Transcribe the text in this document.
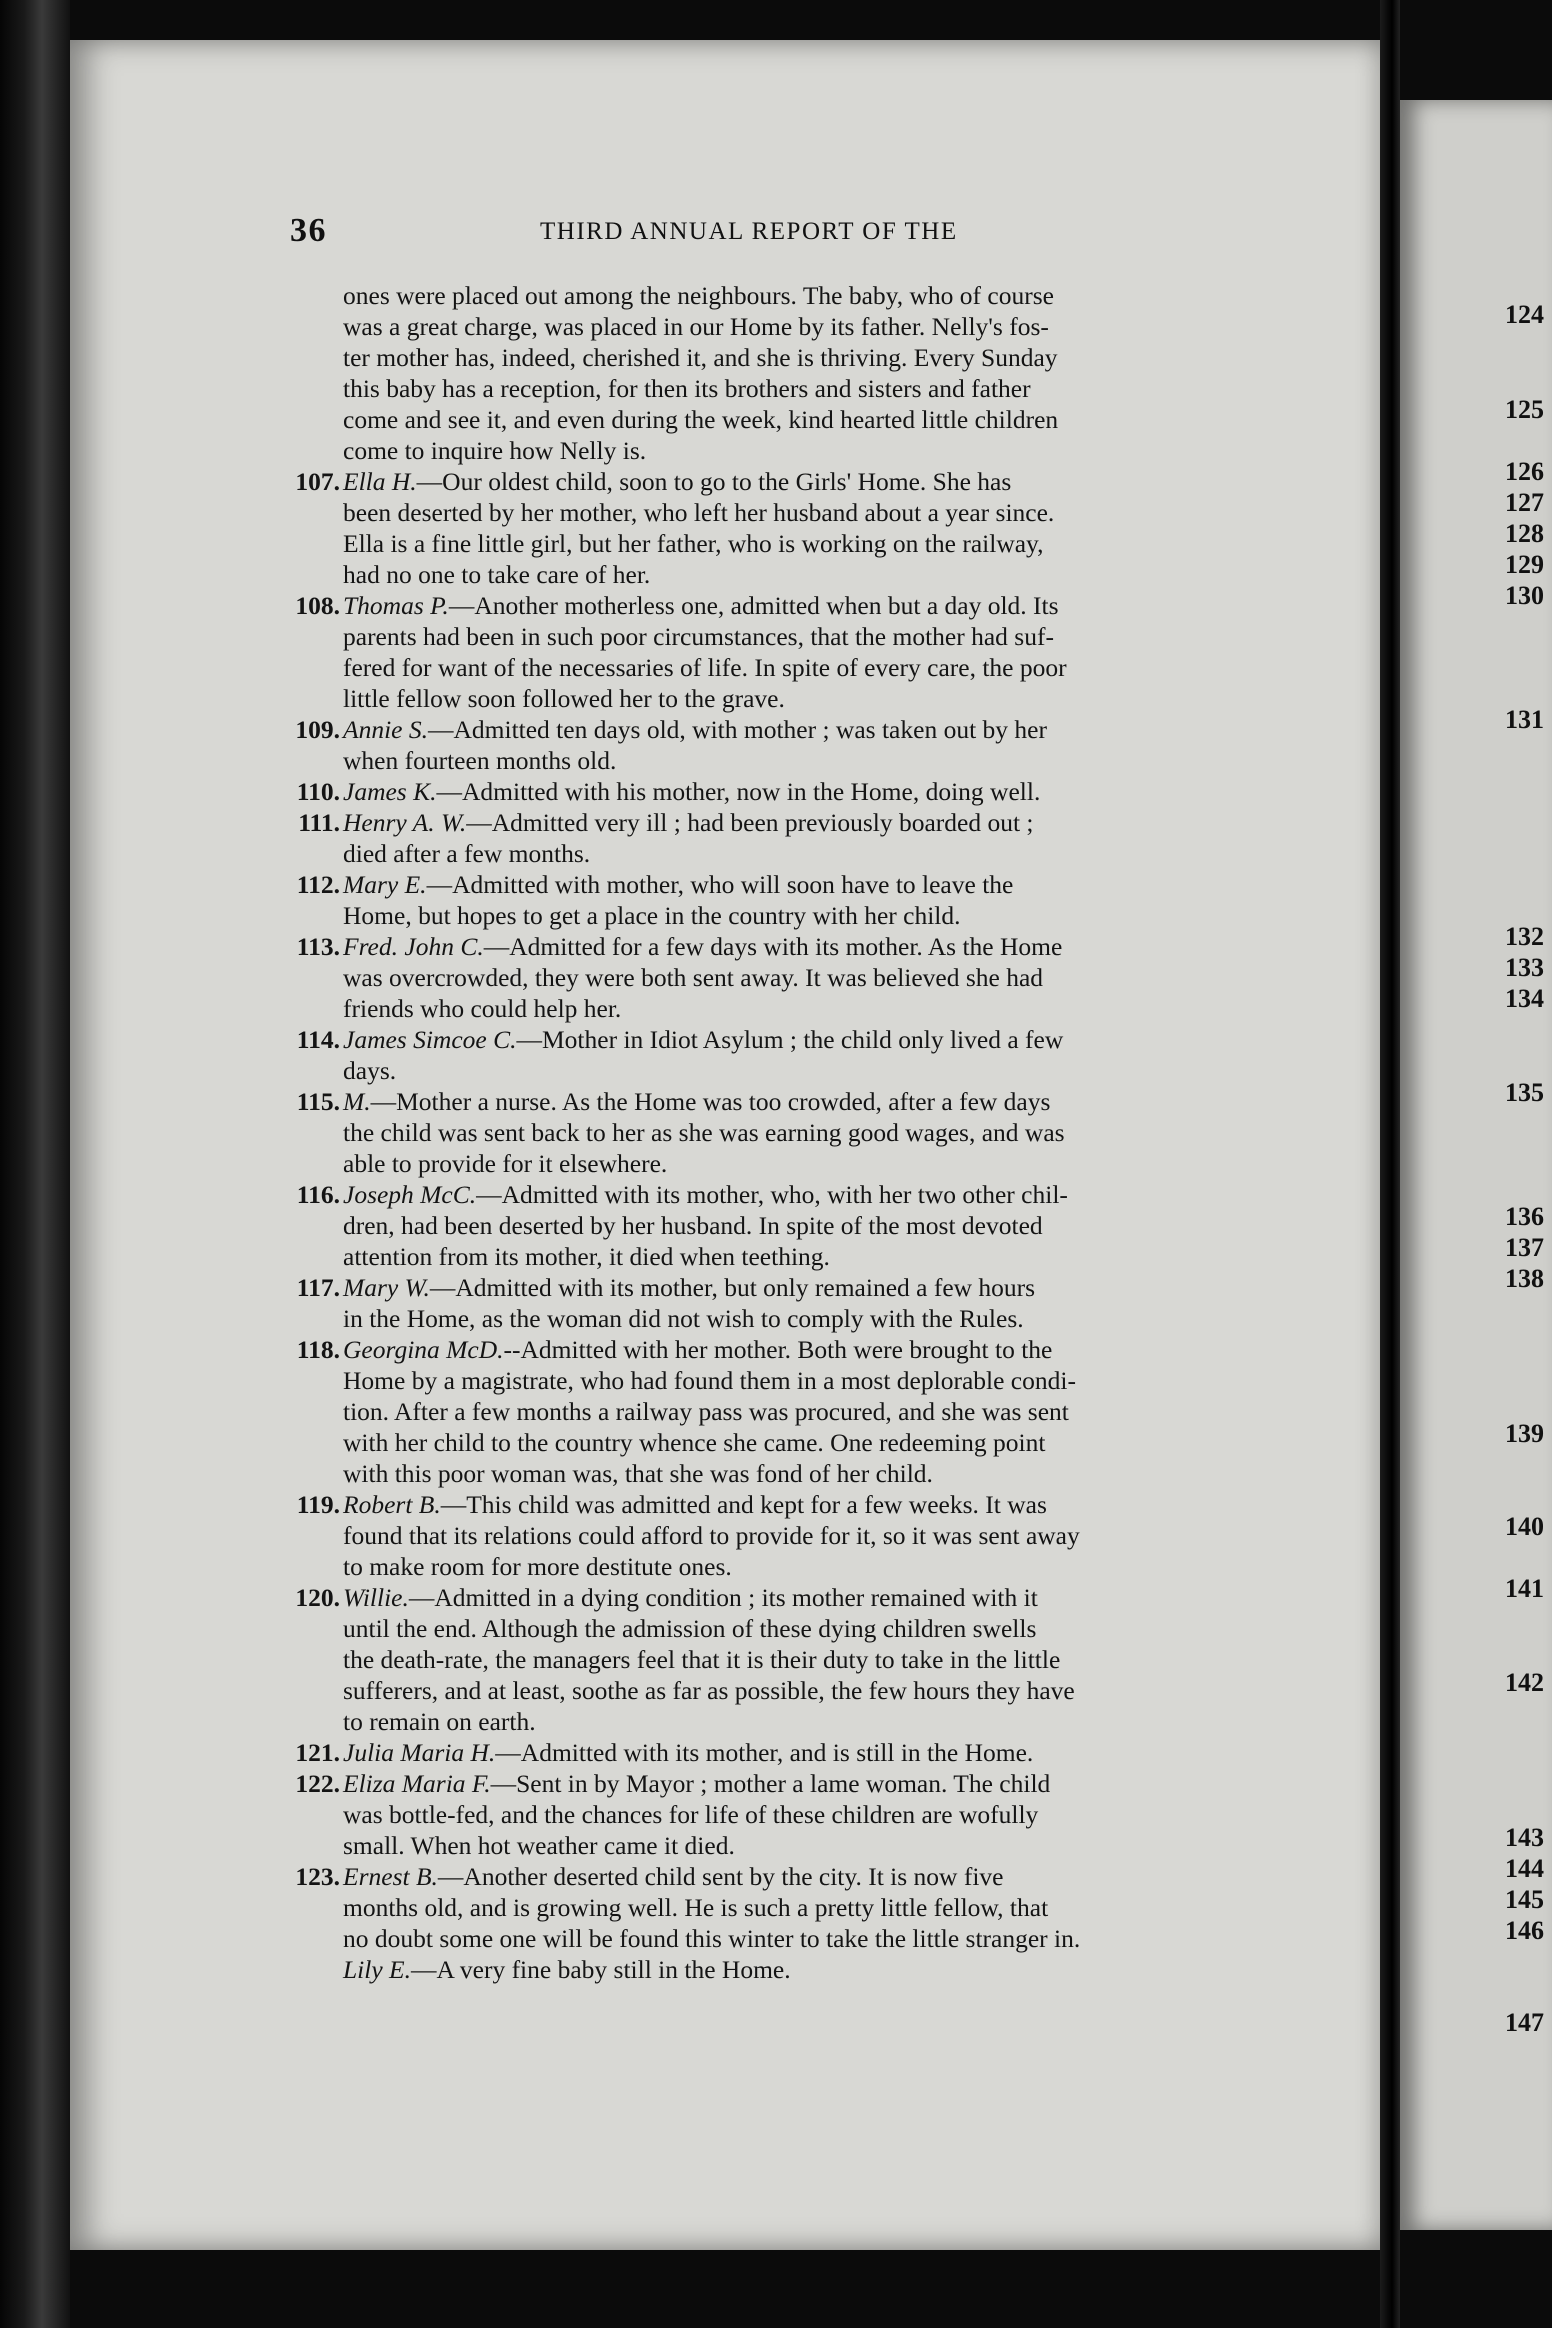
36	THIRD ANNUAL REPORT OF THE
ones were placed out among the neighbours. The baby, who of course
was a great charge, was placed in our Home by its father. Nelly's fos-
ter mother has, indeed, cherished it, and she is thriving. Every Sunday
this baby has a reception, for then its brothers and sisters and father
come and see it, and even during the week, kind hearted little children
come to inquire how Nelly is.
107. Ella H.—Our oldest child, soon to go to the Girls' Home. She has
been deserted by her mother, who left her husband about a year since.
Ella is a fine little girl, but her father, who is working on the railway,
had no one to take care of her.
108. Thomas P.—Another motherless one, admitted when but a day old. Its
parents had been in such poor circumstances, that the mother had suf-
fered for want of the necessaries of life. In spite of every care, the poor
little fellow soon followed her to the grave.
109. Annie S.—Admitted ten days old, with mother ; was taken out by her
when fourteen months old.
110. James K.—Admitted with his mother, now in the Home, doing well.
111. Henry A. W.—Admitted very ill ; had been previously boarded out ;
died after a few months.
112. Mary E.—Admitted with mother, who will soon have to leave the
Home, but hopes to get a place in the country with her child.
113. Fred. John C.—Admitted for a few days with its mother. As the Home
was overcrowded, they were both sent away. It was believed she had
friends who could help her.
114. James Simcoe C.—Mother in Idiot Asylum ; the child only lived a few
days.
115. M.—Mother a nurse. As the Home was too crowded, after a few days
the child was sent back to her as she was earning good wages, and was
able to provide for it elsewhere.
116. Joseph McC.—Admitted with its mother, who, with her two other chil-
dren, had been deserted by her husband. In spite of the most devoted
attention from its mother, it died when teething.
117. Mary W.—Admitted with its mother, but only remained a few hours
in the Home, as the woman did not wish to comply with the Rules.
118. Georgina McD.--Admitted with her mother. Both were brought to the
Home by a magistrate, who had found them in a most deplorable condi-
tion. After a few months a railway pass was procured, and she was sent
with her child to the country whence she came. One redeeming point
with this poor woman was, that she was fond of her child.
119. Robert B.—This child was admitted and kept for a few weeks. It was
found that its relations could afford to provide for it, so it was sent away
to make room for more destitute ones.
120. Willie.—Admitted in a dying condition ; its mother remained with it
until the end. Although the admission of these dying children swells
the death-rate, the managers feel that it is their duty to take in the little
sufferers, and at least, soothe as far as possible, the few hours they have
to remain on earth.
121. Julia Maria H.—Admitted with its mother, and is still in the Home.
122. Eliza Maria F.—Sent in by Mayor ; mother a lame woman. The child
was bottle-fed, and the chances for life of these children are wofully
small. When hot weather came it died.
123. Ernest B.—Another deserted child sent by the city. It is now five
months old, and is growing well. He is such a pretty little fellow, that
no doubt some one will be found this winter to take the little stranger in.
Lily E.—A very fine baby still in the Home.
124
125
126
127
128
129
130
131
132
133
134
135
136
137
138
139
140
141
142
143
144
145
146
147
